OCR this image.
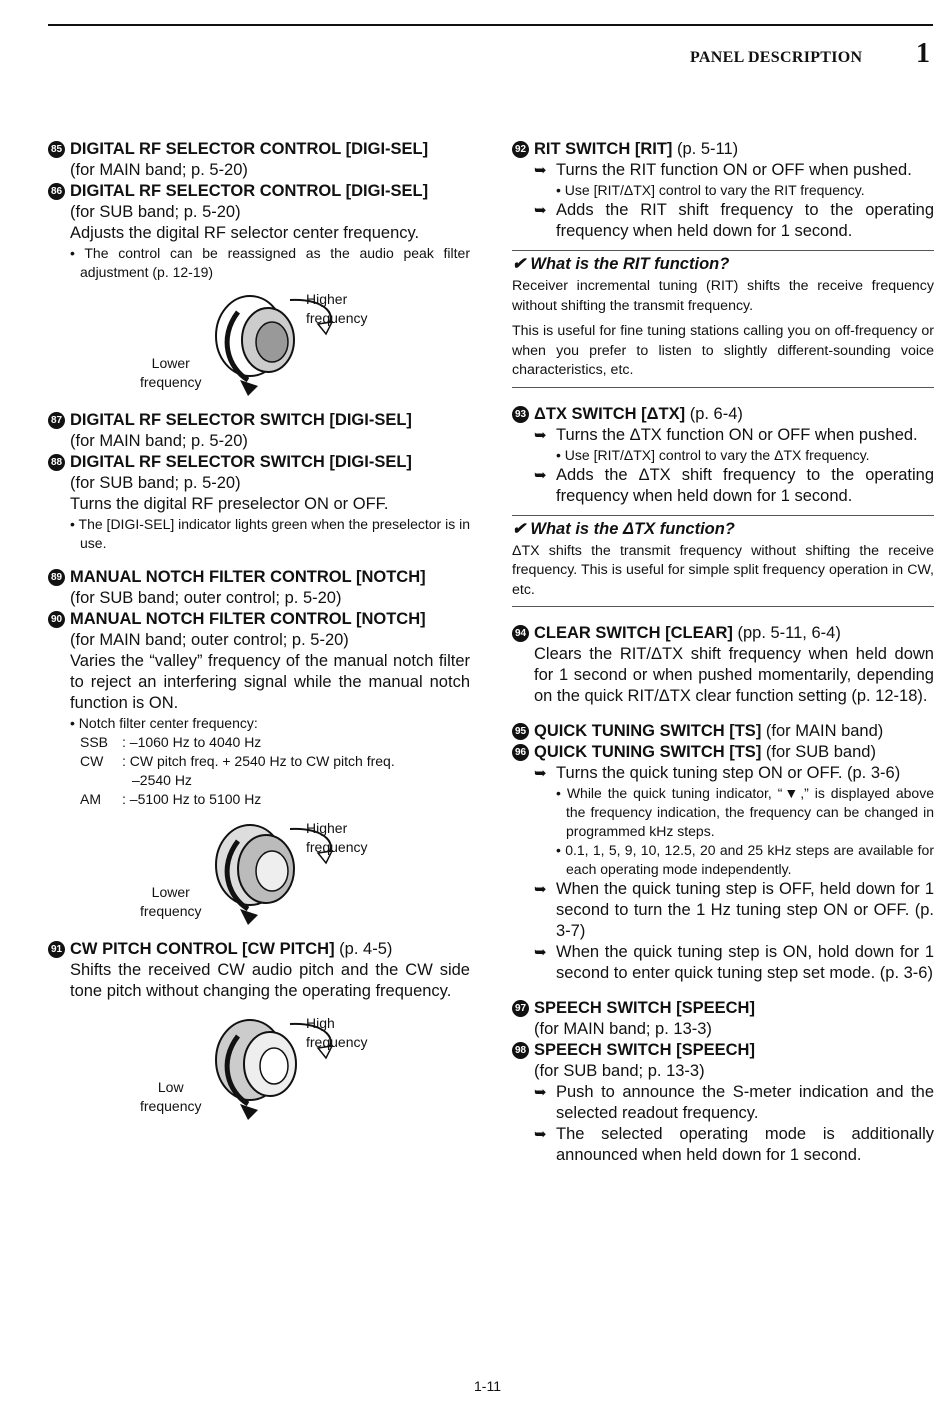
PANEL DESCRIPTION 1
85 DIGITAL RF SELECTOR CONTROL [DIGI-SEL]
(for MAIN band; p. 5-20)
86 DIGITAL RF SELECTOR CONTROL [DIGI-SEL]
(for SUB band; p. 5-20)
Adjusts the digital RF selector center frequency.
• The control can be reassigned as the audio peak filter adjustment (p. 12-19)
Higher
frequency
Lower
frequency
87 DIGITAL RF SELECTOR SWITCH [DIGI-SEL]
(for MAIN band; p. 5-20)
88 DIGITAL RF SELECTOR SWITCH [DIGI-SEL]
(for SUB band; p. 5-20)
Turns the digital RF preselector ON or OFF.
• The [DIGI-SEL] indicator lights green when the preselector is in use.
89 MANUAL NOTCH FILTER CONTROL [NOTCH]
(for SUB band; outer control; p. 5-20)
90 MANUAL NOTCH FILTER CONTROL [NOTCH]
(for MAIN band; outer control; p. 5-20)
Varies the “valley” frequency of the manual notch filter to reject an interfering signal while the manual notch function is ON.
• Notch filter center frequency:
SSB : –1060 Hz to 4040 Hz
CW	: CW pitch freq. + 2540 Hz to CW pitch freq.
–2540 Hz
AM	: –5100 Hz to 5100 Hz
Higher
frequency
Lower
frequency
91 CW PITCH CONTROL [CW PITCH] (p. 4-5)
Shifts the received CW audio pitch and the CW side tone pitch without changing the operating frequency.
High
frequency
Low
frequency
92 RIT SWITCH [RIT] (p. 5-11)
➥ Turns the RIT function ON or OFF when pushed.
• Use [RIT/ΔTX] control to vary the RIT frequency.
➥ Adds the RIT shift frequency to the operating frequency when held down for 1 second.
✔ What is the RIT function?
Receiver incremental tuning (RIT) shifts the receive frequency without shifting the transmit frequency.
This is useful for fine tuning stations calling you on off-frequency or when you prefer to listen to slightly different-sounding voice characteristics, etc.
93 ΔTX SWITCH [ΔTX] (p. 6-4)
➥ Turns the ΔTX function ON or OFF when pushed.
• Use [RIT/ΔTX] control to vary the ΔTX frequency.
➥ Adds the ΔTX shift frequency to the operating frequency when held down for 1 second.
✔ What is the ΔTX function?
ΔTX shifts the transmit frequency without shifting the receive frequency. This is useful for simple split frequency operation in CW, etc.
94 CLEAR SWITCH [CLEAR] (pp. 5-11, 6-4)
Clears the RIT/ΔTX shift frequency when held down for 1 second or when pushed momentarily, depending on the quick RIT/ΔTX clear function setting (p. 12-18).
95 QUICK TUNING SWITCH [TS] (for MAIN band)
96 QUICK TUNING SWITCH [TS] (for SUB band)
➥ Turns the quick tuning step ON or OFF. (p. 3-6)
• While the quick tuning indicator, “▼,” is displayed above the frequency indication, the frequency can be changed in programmed kHz steps.
• 0.1, 1, 5, 9, 10, 12.5, 20 and 25 kHz steps are available for each operating mode independently.
➥ When the quick tuning step is OFF, held down for 1 second to turn the 1 Hz tuning step ON or OFF. (p. 3-7)
➥ When the quick tuning step is ON, hold down for 1 second to enter quick tuning step set mode. (p. 3-6)
97 SPEECH SWITCH [SPEECH]
(for MAIN band; p. 13-3)
98 SPEECH SWITCH [SPEECH]
(for SUB band; p. 13-3)
➥ Push to announce the S-meter indication and the selected readout frequency.
➥ The selected operating mode is additionally announced when held down for 1 second.
1-11
